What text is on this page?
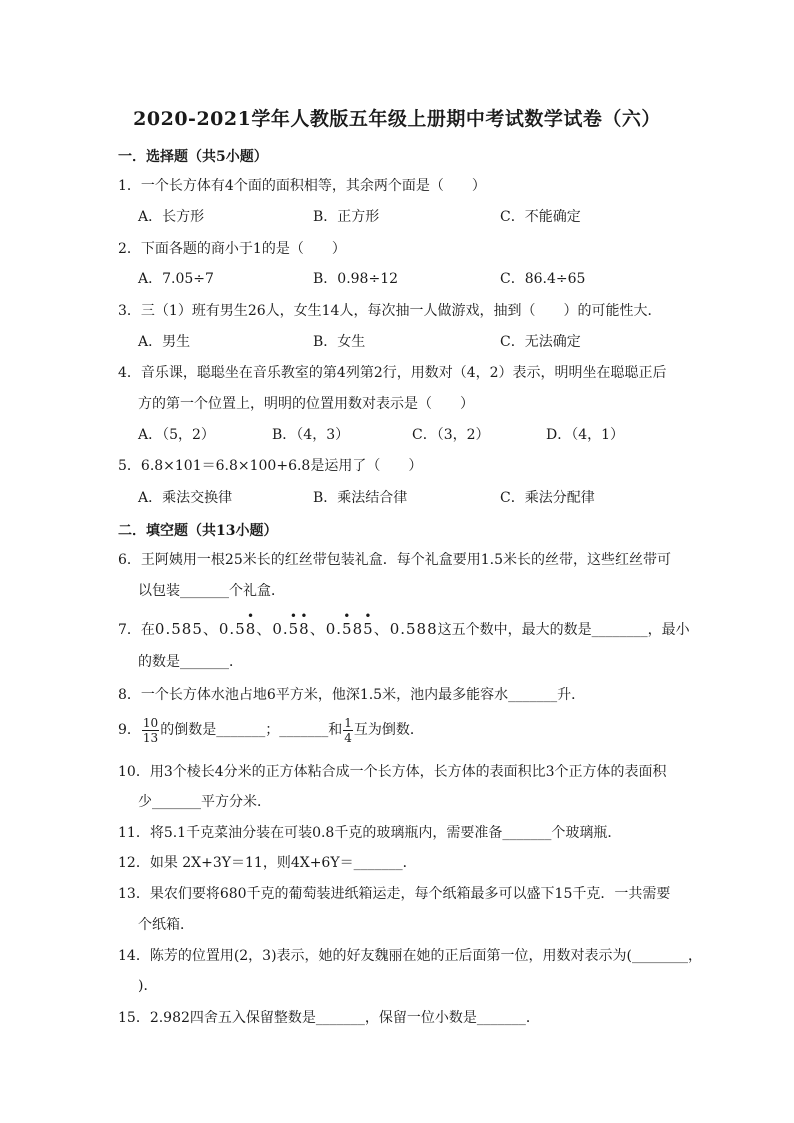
2020-2021学年人教版五年级上册期中考试数学试卷（六）
一．选择题（共5小题）
1．一个长方体有4个面的面积相等，其余两个面是（　　）
A．长方形	B．正方形	C．不能确定
2．下面各题的商小于1的是（　　）
A．7.05÷7	B．0.98÷12	C．86.4÷65
3．三（1）班有男生26人，女生14人，每次抽一人做游戏，抽到（　　）的可能性大．
A．男生	B．女生	C．无法确定
4．音乐课，聪聪坐在音乐教室的第4列第2行，用数对（4，2）表示，明明坐在聪聪正后
方的第一个位置上，明明的位置用数对表示是（　　）
A．（5，2）	B．（4，3）	C．（3，2）	D．（4，1）
5．6.8×101＝6.8×100+6.8是运用了（　　）
A．乘法交换律	B．乘法结合律	C．乘法分配律
二．填空题（共13小题）
6．王阿姨用一根25米长的红丝带包装礼盒．每个礼盒要用1.5米长的丝带，这些红丝带可
以包装_______个礼盒．
7．在0.585、0.5
•
8、0.
•
5
•
8、0.
•
58
•
5、0.588这五个数中，最大的数是________，最小
的数是_______．
8．一个长方体水池占地6平方米，他深1.5米，池内最多能容水_______升．
9． $\frac{10}{13}$ 的倒数是_______；_______和 $\frac{1}{4}$ 互为倒数．
10．用3个棱长4分米的正方体粘合成一个长方体，长方体的表面积比3个正方体的表面积
少_______平方分米．
11．将5.1千克菜油分装在可装0.8千克的玻璃瓶内，需要准备_______个玻璃瓶．
12．如果 2X+3Y＝11，则4X+6Y＝_______．
13．果农们要将680千克的葡萄装进纸箱运走，每个纸箱最多可以盛下15千克．一共需要
个纸箱．
14．陈芳的位置用(2，3)表示，她的好友魏丽在她的正后面第一位，用数对表示为(________，
)．
15．2.982四舍五入保留整数是_______，保留一位小数是_______．
